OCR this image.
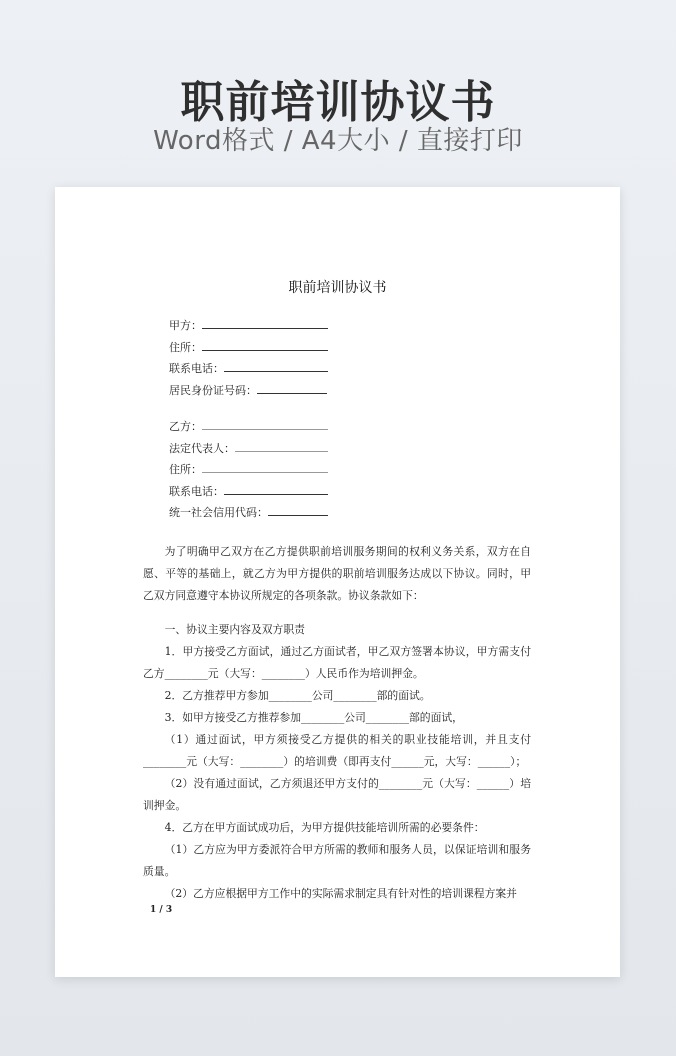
职前培训协议书
Word格式 / A4大小 / 直接打印
职前培训协议书
甲方：
住所：
联系电话：
居民身份证号码：
乙方：
法定代表人：
住所：
联系电话：
统一社会信用代码：

为了明确甲乙双方在乙方提供职前培训服务期间的权利义务关系，双方在自愿、平等的基础上，就乙方为甲方提供的职前培训服务达成以下协议。同时，甲乙双方同意遵守本协议所规定的各项条款。协议条款如下：

一、协议主要内容及双方职责

1．甲方接受乙方面试，通过乙方面试者，甲乙双方签署本协议，甲方需支付乙方________元（大写：________）人民币作为培训押金。

2．乙方推荐甲方参加________公司________部的面试。

3．如甲方接受乙方推荐参加________公司________部的面试，

（1）通过面试，甲方须接受乙方提供的相关的职业技能培训，并且支付________元（大写：________）的培训费（即再支付______元，大写：______）；

（2）没有通过面试，乙方须退还甲方支付的________元（大写：______）培训押金。

4．乙方在甲方面试成功后，为甲方提供技能培训所需的必要条件：

（1）乙方应为甲方委派符合甲方所需的教师和服务人员，以保证培训和服务质量。

（2）乙方应根据甲方工作中的实际需求制定具有针对性的培训课程方案并

1 / 3
